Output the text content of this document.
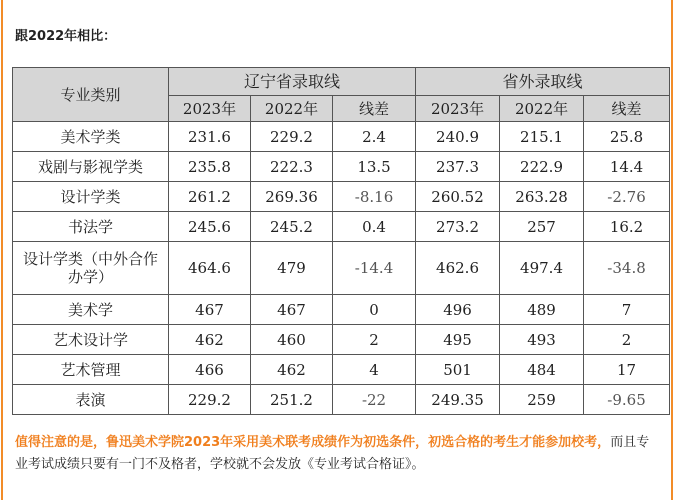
跟2022年相比：
专业类别	辽宁省录取线			省外录取线		
	2023年	2022年	线差	2023年	2022年	线差
美术学类	231.6	229.2	2.4	240.9	215.1	25.8
戏剧与影视学类	235.8	222.3	13.5	237.3	222.9	14.4
设计学类	261.2	269.36	-8.16	260.52	263.28	-2.76
书法学	245.6	245.2	0.4	273.2	257	16.2
设计学类（中外合作办学）	464.6	479	-14.4	462.6	497.4	-34.8
美术学	467	467	0	496	489	7
艺术设计学	462	460	2	495	493	2
艺术管理	466	462	4	501	484	17
表演	229.2	251.2	-22	249.35	259	-9.65
值得注意的是，鲁迅美术学院2023年采用美术联考成绩作为初选条件，初选合格的考生才能参加校考，而且专业考试成绩只要有一门不及格者，学校就不会发放《专业考试合格证》。
